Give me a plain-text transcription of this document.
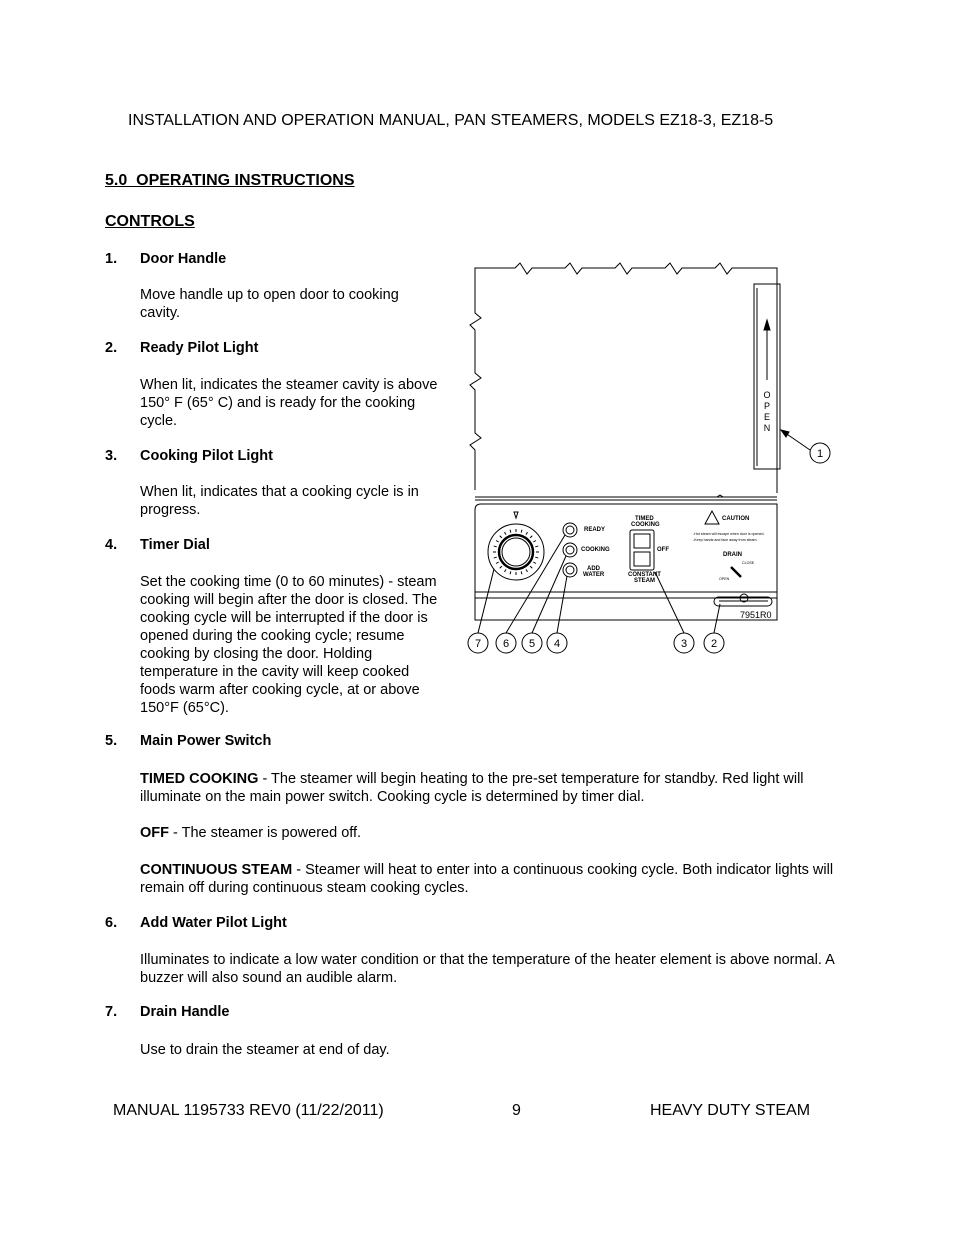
INSTALLATION AND OPERATION MANUAL, PAN STEAMERS, MODELS EZ18-3, EZ18-5
5.0  OPERATING INSTRUCTIONS
CONTROLS
1. Door Handle
Move handle up to open door to cooking cavity.
2. Ready Pilot Light
When lit, indicates the steamer cavity is above 150° F (65° C) and is ready for the cooking cycle.
3. Cooking Pilot Light
When lit, indicates that a cooking cycle is in progress.
4. Timer Dial
Set the cooking time (0 to 60 minutes) - steam cooking will begin after the door is closed. The cooking cycle will be interrupted if the door is opened during the cooking cycle; resume cooking by closing the door. Holding temperature in the cavity will keep cooked foods warm after cooking cycle, at or above 150°F (65°C).
5. Main Power Switch
TIMED COOKING - The steamer will begin heating to the pre-set temperature for standby. Red light will illuminate on the main power switch. Cooking cycle is determined by timer dial.
OFF - The steamer is powered off.
CONTINUOUS STEAM - Steamer will heat to enter into a continuous cooking cycle. Both indicator lights will remain off during continuous steam cooking cycles.
6. Add Water Pilot Light
Illuminates to indicate a low water condition or that the temperature of the heater element is above normal. A buzzer will also sound an audible alarm.
7. Drain Handle
Use to drain the steamer at end of day.
O
P
E
N
READY
COOKING
ADD
WATER
TIMED
COOKING
OFF
CONSTANT
STEAM
CAUTION
DRAIN
-Hot steam will escape when door is opened.
-Keep hands and face away from steam.
CLOSE
OPEN
7951R0
1
2
3
4
5
6
7
MANUAL 1195733 REV0 (11/22/2011)	9	HEAVY DUTY STEAM
